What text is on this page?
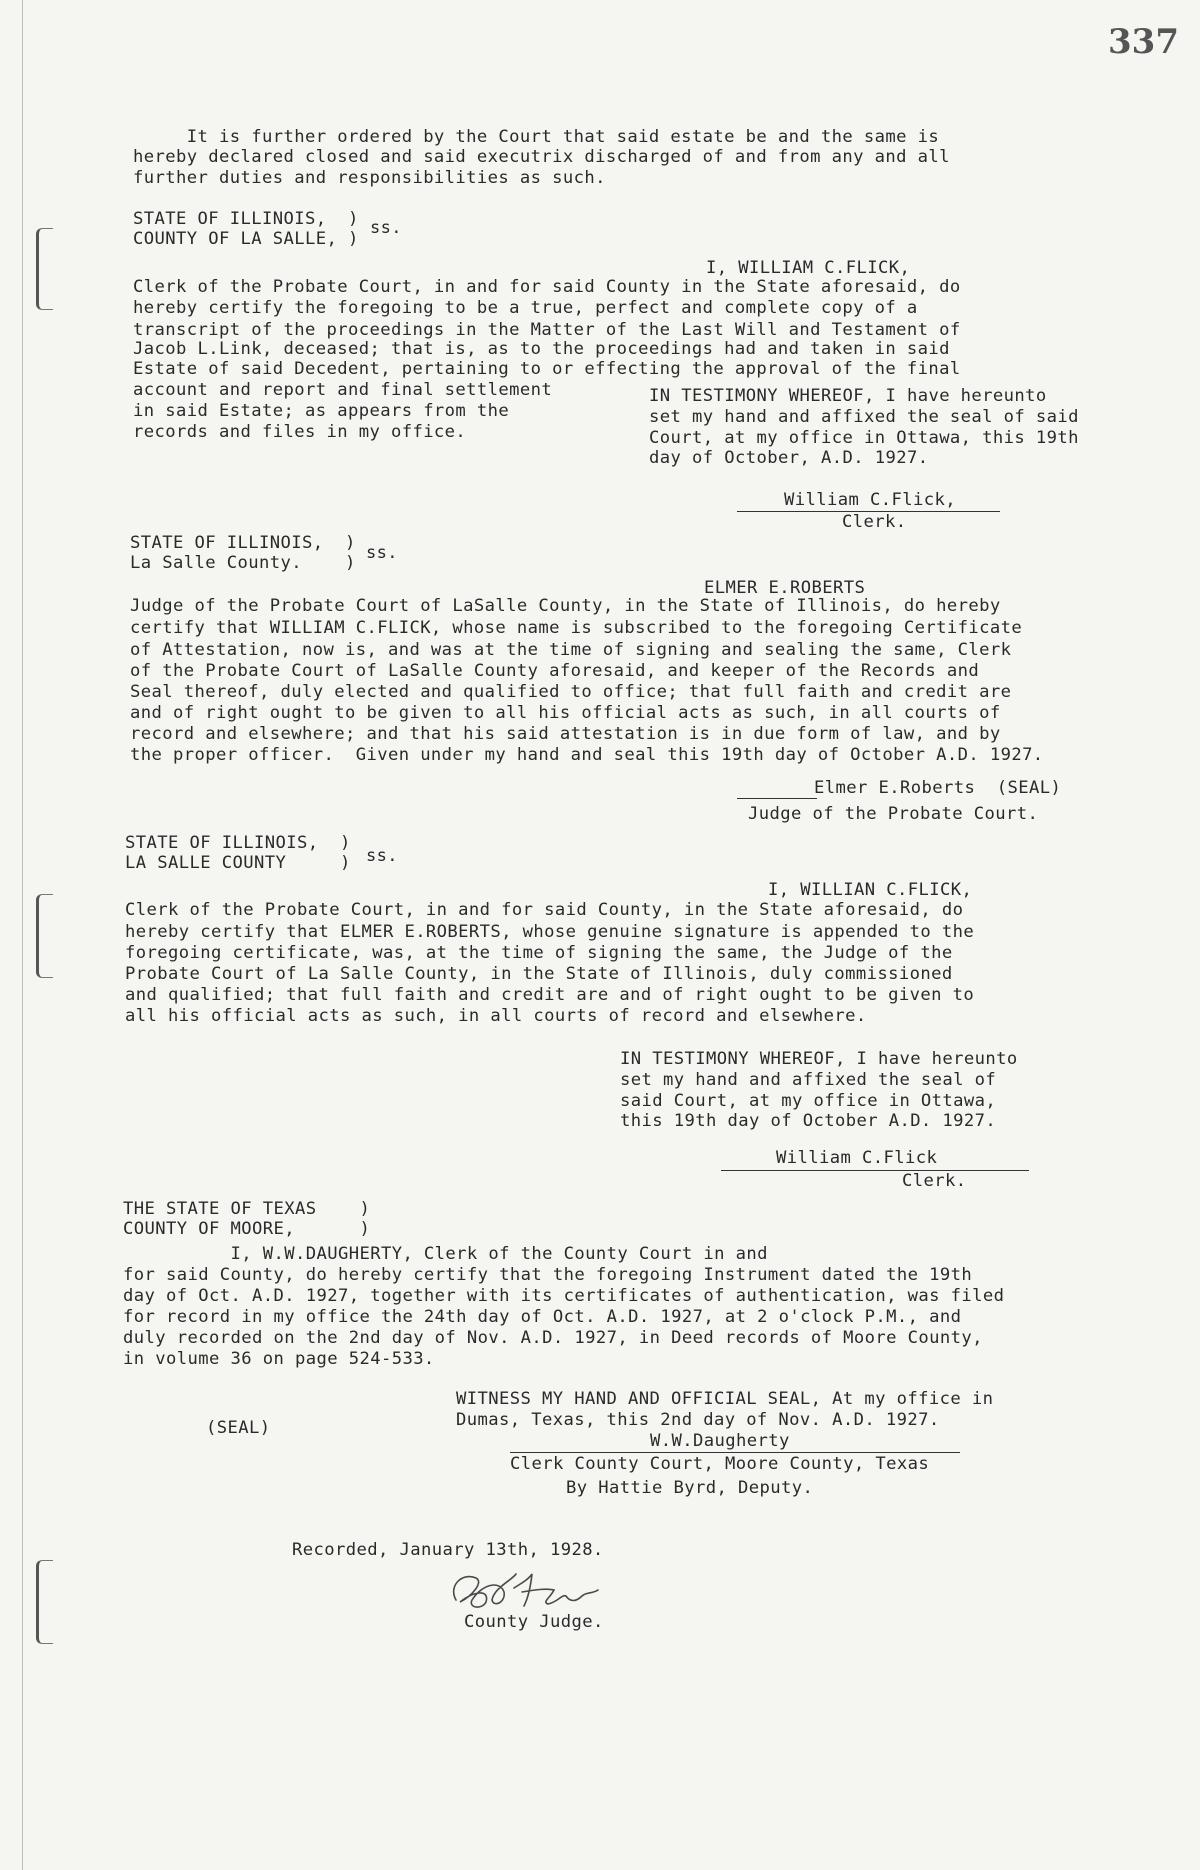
337
It is further ordered by the Court that said estate be and the same is
hereby declared closed and said executrix discharged of and from any and all
further duties and responsibilities as such.
STATE OF ILLINOIS,  )
COUNTY OF LA SALLE, )
ss.
I, WILLIAM C.FLICK,
Clerk of the Probate Court, in and for said County in the State aforesaid, do
hereby certify the foregoing to be a true, perfect and complete copy of a
transcript of the proceedings in the Matter of the Last Will and Testament of
Jacob L.Link, deceased; that is, as to the proceedings had and taken in said
Estate of said Decedent, pertaining to or effecting the approval of the final
account and report and final settlement
in said Estate; as appears from the
records and files in my office.
IN TESTIMONY WHEREOF, I have hereunto
set my hand and affixed the seal of said
Court, at my office in Ottawa, this 19th
day of October, A.D. 1927.
William C.Flick,
Clerk.
STATE OF ILLINOIS,  )
La Salle County.    ) ss.
ELMER E.ROBERTS
Judge of the Probate Court of LaSalle County, in the State of Illinois, do hereby
certify that WILLIAM C.FLICK, whose name is subscribed to the foregoing Certificate
of Attestation, now is, and was at the time of signing and sealing the same, Clerk
of the Probate Court of LaSalle County aforesaid, and keeper of the Records and
Seal thereof, duly elected and qualified to office; that full faith and credit are
and of right ought to be given to all his official acts as such, in all courts of
record and elsewhere; and that his said attestation is in due form of law, and by
the proper officer.  Given under my hand and seal this 19th day of October A.D. 1927.
Elmer E.Roberts  (SEAL)
Judge of the Probate Court.
STATE OF ILLINOIS,  )
LA SALLE COUNTY     ) ss.
I, WILLIAN C.FLICK,
Clerk of the Probate Court, in and for said County, in the State aforesaid, do
hereby certify that ELMER E.ROBERTS, whose genuine signature is appended to the
foregoing certificate, was, at the time of signing the same, the Judge of the
Probate Court of La Salle County, in the State of Illinois, duly commissioned
and qualified; that full faith and credit are and of right ought to be given to
all his official acts as such, in all courts of record and elsewhere.
IN TESTIMONY WHEREOF, I have hereunto
set my hand and affixed the seal of
said Court, at my office in Ottawa,
this 19th day of October A.D. 1927.
William C.Flick
Clerk.
THE STATE OF TEXAS    )
COUNTY OF MOORE,      )
I, W.W.DAUGHERTY, Clerk of the County Court in and
for said County, do hereby certify that the foregoing Instrument dated the 19th
day of Oct. A.D. 1927, together with its certificates of authentication, was filed
for record in my office the 24th day of Oct. A.D. 1927, at 2 o'clock P.M., and
duly recorded on the 2nd day of Nov. A.D. 1927, in Deed records of Moore County,
in volume 36 on page 524-533.
WITNESS MY HAND AND OFFICIAL SEAL, At my office in
Dumas, Texas, this 2nd day of Nov. A.D. 1927.
(SEAL)
W.W.Daugherty
Clerk County Court, Moore County, Texas
By Hattie Byrd, Deputy.
Recorded, January 13th, 1928.
County Judge.
